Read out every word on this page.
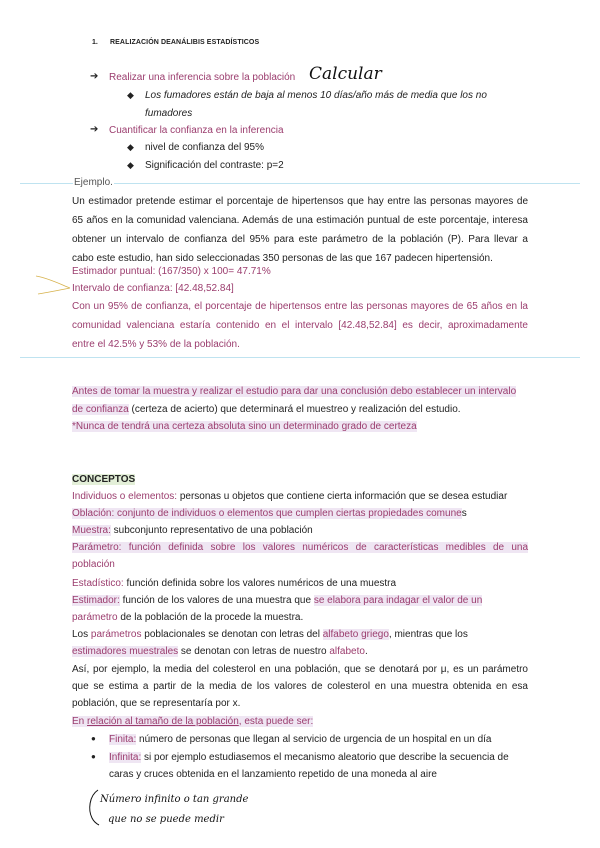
1. REALIZACIÓN DEANÁLIBIS ESTADÍSTICOS
➔ Realizar una inferencia sobre la población Calcular
◆ Los fumadores están de baja al menos 10 días/año más de media que los no
fumadores
➔ Cuantificar la confianza en la inferencia
◆ nivel de confianza del 95%
◆ Significación del contraste: p=2
Ejemplo.
Un estimador pretende estimar el porcentaje de hipertensos que hay entre las personas mayores de
65 años en la comunidad valenciana. Además de una estimación puntual de este porcentaje, interesa
obtener un intervalo de confianza del 95% para este parámetro de la población (P). Para llevar a
cabo este estudio, han sido seleccionadas 350 personas de las que 167 padecen hipertensión.
Estimador puntual: (167/350) x 100= 47.71%
Intervalo de confianza: [42.48,52.84]
Con un 95% de confianza, el porcentaje de hipertensos entre las personas mayores de 65 años en la
comunidad valenciana estaría contenido en el intervalo [42.48,52.84] es decir, aproximadamente
entre el 42.5% y 53% de la población.
Antes de tomar la muestra y realizar el estudio para dar una conclusión debo establecer un intervalo
de confianza (certeza de acierto) que determinará el muestreo y realización del estudio.
*Nunca de tendrá una certeza absoluta sino un determinado grado de certeza
CONCEPTOS
Individuos o elementos: personas u objetos que contiene cierta información que se desea estudiar
Oblación: conjunto de individuos o elementos que cumplen ciertas propiedades comunes
Muestra: subconjunto representativo de una población
Parámetro: función definida sobre los valores numéricos de características medibles de una
población
Estadístico: función definida sobre los valores numéricos de una muestra
Estimador: función de los valores de una muestra que se elabora para indagar el valor de un
parámetro de la población de la procede la muestra.
Los parámetros poblacionales se denotan con letras del alfabeto griego, mientras que los
estimadores muestrales se denotan con letras de nuestro alfabeto.
Así, por ejemplo, la media del colesterol en una población, que se denotará por μ, es un parámetro
que se estima a partir de la media de los valores de colesterol en una muestra obtenida en esa
población, que se representaría por x.
En relación al tamaño de la población, esta puede ser:
● Finita: número de personas que llegan al servicio de urgencia de un hospital en un día
● Infinita: si por ejemplo estudiasemos el mecanismo aleatorio que describe la secuencia de
caras y cruces obtenida en el lanzamiento repetido de una moneda al aire
Número infinito o tan grande
que no se puede medir
